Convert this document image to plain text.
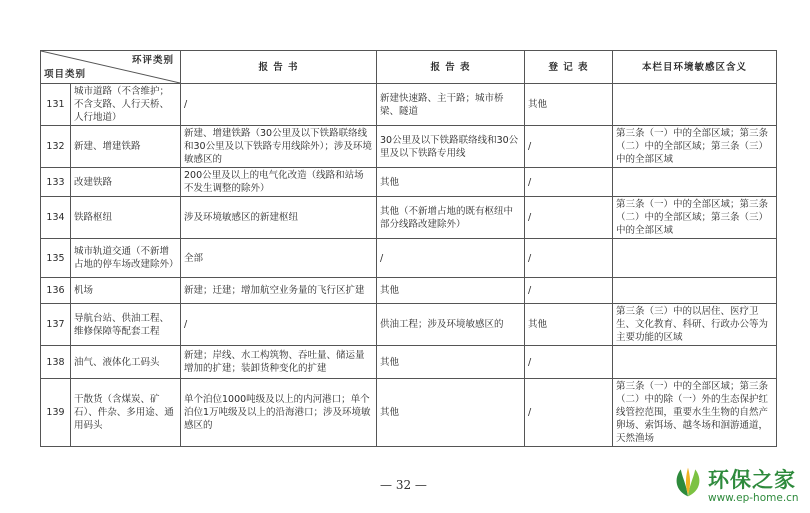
环评类别
项目类别		报 告 书	报 告 表	登 记 表	本栏目环境敏感区含义
131	城市道路（不含维护；不含支路、人行天桥、人行地道）	/	新建快速路、主干路；城市桥梁、隧道	其他	
132	新建、增建铁路	新建、增建铁路（30公里及以下铁路联络线和30公里及以下铁路专用线除外）；涉及环境敏感区的	30公里及以下铁路联络线和30公里及以下铁路专用线	/	第三条（一）中的全部区域；第三条（二）中的全部区域；第三条（三）中的全部区域
133	改建铁路	200公里及以上的电气化改造（线路和站场不发生调整的除外）	其他	/	
134	铁路枢纽	涉及环境敏感区的新建枢纽	其他（不新增占地的既有枢纽中部分线路改建除外）	/	第三条（一）中的全部区域；第三条（二）中的全部区域；第三条（三）中的全部区域
135	城市轨道交通（不新增占地的停车场改建除外）	全部	/	/	
136	机场	新建；迁建；增加航空业务量的飞行区扩建	其他	/	
137	导航台站、供油工程、维修保障等配套工程	/	供油工程；涉及环境敏感区的	其他	第三条（三）中的以居住、医疗卫生、文化教育、科研、行政办公等为主要功能的区域
138	油气、液体化工码头	新建；岸线、水工构筑物、吞吐量、储运量增加的扩建；装卸货种变化的扩建	其他	/	
139	干散货（含煤炭、矿石）、件杂、多用途、通用码头	单个泊位1000吨级及以上的内河港口；单个泊位1万吨级及以上的沿海港口；涉及环境敏感区的	其他	/	第三条（一）中的全部区域；第三条（二）中的除（一）外的生态保护红线管控范围，重要水生生物的自然产卵场、索饵场、越冬场和洄游通道，天然渔场
— 32 —	环保之家
www.ep-home.cn
